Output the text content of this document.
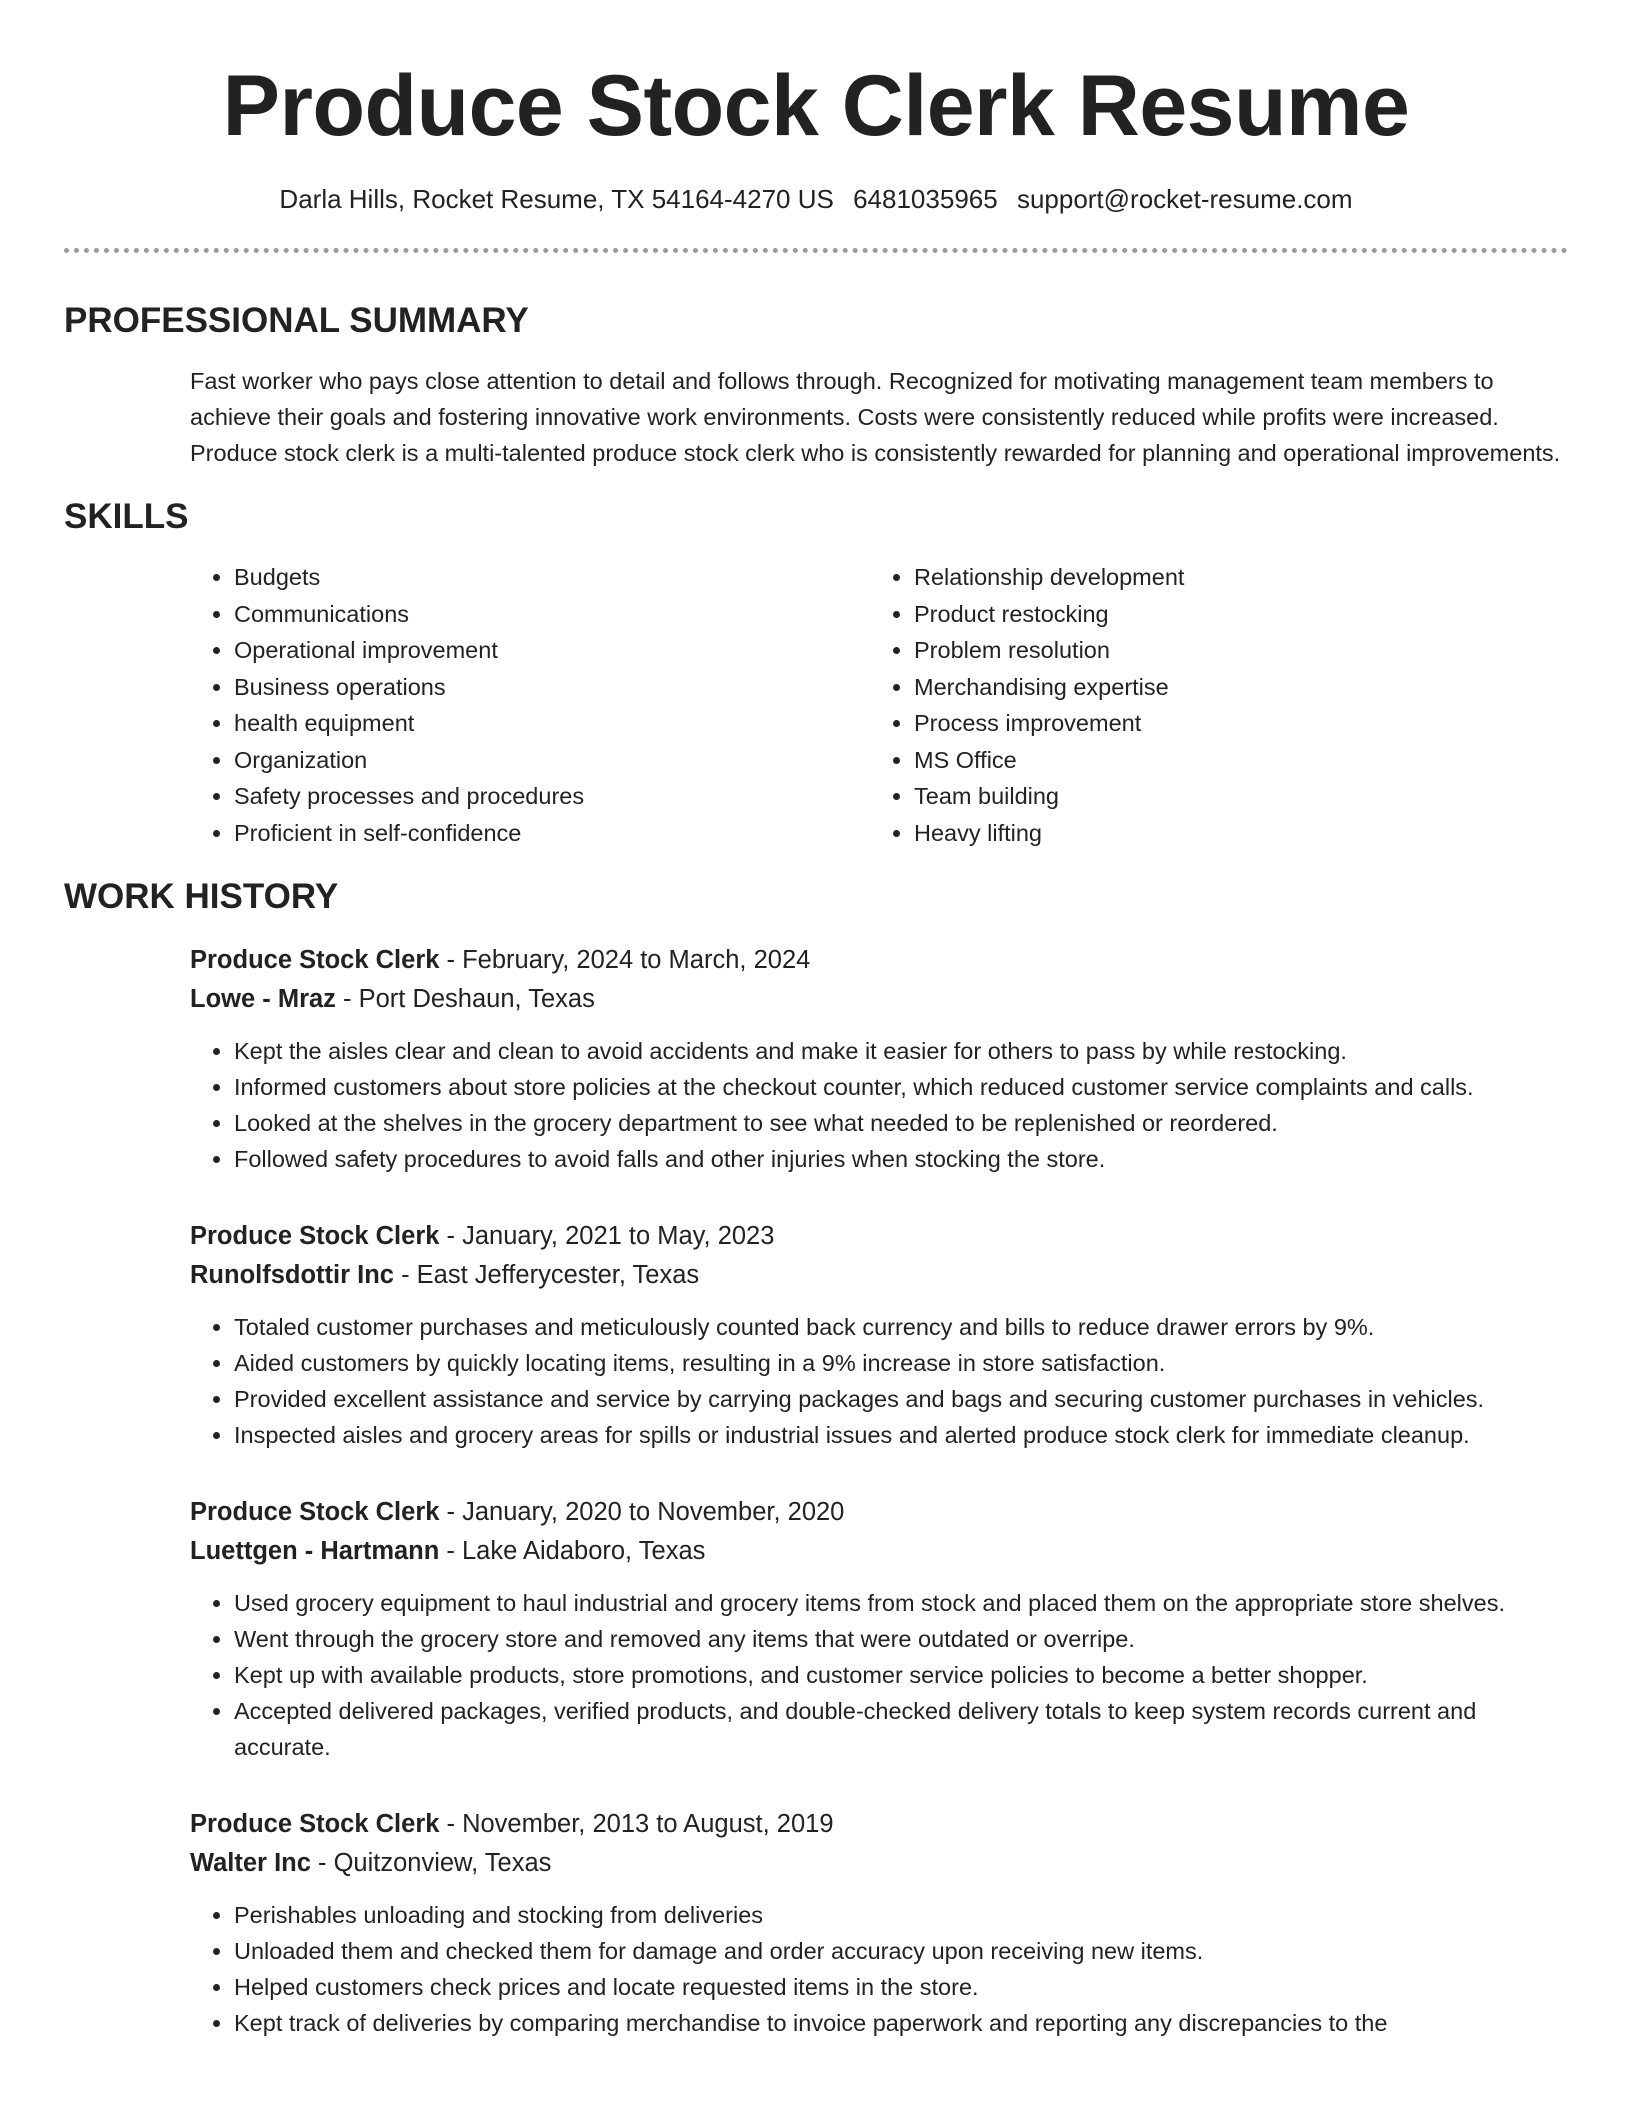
Produce Stock Clerk Resume
Darla Hills, Rocket Resume, TX 54164-4270 US 6481035965 support@rocket-resume.com
PROFESSIONAL SUMMARY

Fast worker who pays close attention to detail and follows through. Recognized for motivating management team members to achieve their goals and fostering innovative work environments. Costs were consistently reduced while profits were increased. Produce stock clerk is a multi-talented produce stock clerk who is consistently rewarded for planning and operational improvements.

SKILLS
• Budgets
• Communications
• Operational improvement
• Business operations
• health equipment
• Organization
• Safety processes and procedures
• Proficient in self-confidence
• Relationship development
• Product restocking
• Problem resolution
• Merchandising expertise
• Process improvement
• MS Office
• Team building
• Heavy lifting
WORK HISTORY
Produce Stock Clerk - February, 2024 to March, 2024
Lowe - Mraz - Port Deshaun, Texas
• Kept the aisles clear and clean to avoid accidents and make it easier for others to pass by while restocking.
• Informed customers about store policies at the checkout counter, which reduced customer service complaints and calls.
• Looked at the shelves in the grocery department to see what needed to be replenished or reordered.
• Followed safety procedures to avoid falls and other injuries when stocking the store.
Produce Stock Clerk - January, 2021 to May, 2023
Runolfsdottir Inc - East Jefferycester, Texas
• Totaled customer purchases and meticulously counted back currency and bills to reduce drawer errors by 9%.
• Aided customers by quickly locating items, resulting in a 9% increase in store satisfaction.
• Provided excellent assistance and service by carrying packages and bags and securing customer purchases in vehicles.
• Inspected aisles and grocery areas for spills or industrial issues and alerted produce stock clerk for immediate cleanup.
Produce Stock Clerk - January, 2020 to November, 2020
Luettgen - Hartmann - Lake Aidaboro, Texas
• Used grocery equipment to haul industrial and grocery items from stock and placed them on the appropriate store shelves.
• Went through the grocery store and removed any items that were outdated or overripe.
• Kept up with available products, store promotions, and customer service policies to become a better shopper.
• Accepted delivered packages, verified products, and double-checked delivery totals to keep system records current and accurate.
Produce Stock Clerk - November, 2013 to August, 2019
Walter Inc - Quitzonview, Texas
• Perishables unloading and stocking from deliveries
• Unloaded them and checked them for damage and order accuracy upon receiving new items.
• Helped customers check prices and locate requested items in the store.
• Kept track of deliveries by comparing merchandise to invoice paperwork and reporting any discrepancies to the
